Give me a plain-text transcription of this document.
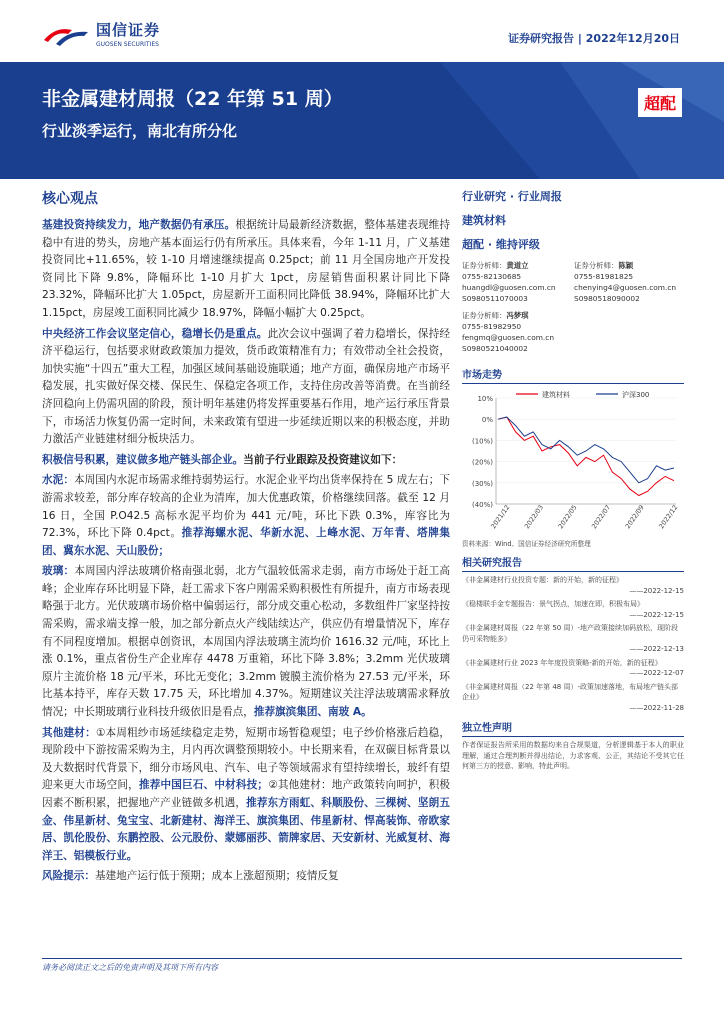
国信证券
GUOSEN SECURITIES	证券研究报告 | 2022年12月20日
非金属建材周报（22 年第 51 周）
行业淡季运行，南北有所分化
超配
核心观点

基建投资持续发力，地产数据仍有承压。根据统计局最新经济数据，整体基建表现维持稳中有进的势头，房地产基本面运行仍有所承压。具体来看，今年 1-11 月，广义基建投资同比+11.65%，较 1-10 月增速继续提高 0.25pct；前 11 月全国房地产开发投资同比下降 9.8%，降幅环比 1-10 月扩大 1pct，房屋销售面积累计同比下降 23.32%，降幅环比扩大 1.05pct，房屋新开工面积同比降低 38.94%，降幅环比扩大 1.15pct，房屋竣工面积同比减少 18.97%，降幅小幅扩大 0.25pct。

中央经济工作会议坚定信心，稳增长仍是重点。此次会议中强调了着力稳增长，保持经济平稳运行，包括要求财政政策加力提效，货币政策精准有力；有效带动全社会投资，加快实施“十四五”重大工程，加强区域间基础设施联通；地产方面，确保房地产市场平稳发展，扎实做好保交楼、保民生、保稳定各项工作，支持住房改善等消费。在当前经济回稳向上仍需巩固的阶段，预计明年基建仍将发挥重要基石作用，地产运行承压背景下，市场活力恢复仍需一定时间，未来政策有望进一步延续近期以来的积极态度，并助力激活产业链建材细分板块活力。

积极信号积累，建议做多地产链头部企业。当前子行业跟踪及投资建议如下：

水泥：本周国内水泥市场需求维持弱势运行。水泥企业平均出货率保持在 5 成左右；下游需求较差，部分库存较高的企业为清库，加大优惠政策，价格继续回落。截至 12 月 16 日，全国 P.O42.5 高标水泥平均价为 441 元/吨，环比下跌 0.3%，库容比为 72.3%，环比下降 0.4pct。推荐海螺水泥、华新水泥、上峰水泥、万年青、塔牌集团、冀东水泥、天山股份；

玻璃：本周国内浮法玻璃价格南强北弱，北方气温较低需求走弱，南方市场处于赶工高峰；企业库存环比明显下降，赶工需求下客户刚需采购积极性有所提升，南方市场表现略强于北方。光伏玻璃市场价格中偏弱运行，部分成交重心松动，多数组件厂家坚持按需采购，需求端支撑一般，加之部分新点火产线陆续达产，供应仍有增量情况下，库存有不同程度增加。根据卓创资讯，本周国内浮法玻璃主流均价 1616.32 元/吨，环比上涨 0.1%，重点省份生产企业库存 4478 万重箱，环比下降 3.8%；3.2mm 光伏玻璃原片主流价格 18 元/平米，环比无变化；3.2mm 镀膜主流价格为 27.53 元/平米，环比基本持平，库存天数 17.75 天，环比增加 4.37%。短期建议关注浮法玻璃需求释放情况；中长期玻璃行业科技升级依旧是看点，推荐旗滨集团、南玻 A。

其他建材：①本周粗纱市场延续稳定走势，短期市场暂稳观望；电子纱价格涨后趋稳，现阶段中下游按需采购为主，月内再次调整预期较小。中长期来看，在双碳目标背景以及大数据时代背景下，细分市场风电、汽车、电子等领域需求有望持续增长，玻纤有望迎来更大市场空间，推荐中国巨石、中材科技；②其他建材：地产政策转向呵护，积极因素不断积累，把握地产产业链做多机遇，推荐东方雨虹、科顺股份、三棵树、坚朗五金、伟星新材、兔宝宝、北新建材、海洋王、旗滨集团、伟星新材、悍高装饰、帝欧家居、凯伦股份、东鹏控股、公元股份、蒙娜丽莎、箭牌家居、天安新材、光威复材、海洋王、铝模板行业。

风险提示：基建地产运行低于预期；成本上涨超预期；疫情反复

行业研究 · 行业周报
建筑材料
超配 · 维持评级
证券分析师：黄道立
0755-82130685
huangdl@guosen.com.cn
S0980511070003
证券分析师：陈颖
0755-81981825
chenying4@guosen.com.cn
S0980518090002
证券分析师：冯梦琪
0755-81982950
fengmq@guosen.com.cn
S0980521040002
市场走势
10%
0%
(10%)
(20%)
(30%)
(40%)
2021/12 2022/03 2022/05 2022/07 2022/09 2022/12
建筑材料	沪深300
资料来源：Wind、国信证券经济研究所整理
相关研究报告
《非金属建材行业投资专题：新的开始，新的征程》
——2022-12-15
《稳楼联手金专题报告：景气拐点，加速在即，积极布局》
——2022-12-15
《非金属建材周报（22 年第 50 周）-地产政策接续加码放松，现阶段仍可采物能多》
——2022-12-13
《非金属建材行业 2023 年年度投资策略-新的开始，新的征程》
——2022-12-07
《非金属建材周报（22 年第 48 周）-政策加速落地，布局地产链头部企业》
——2022-11-28
独立性声明
作者保证报告所采用的数据均来自合规渠道，分析逻辑基于本人的职业理解，通过合理判断并得出结论，力求客观、公正，其结论不受其它任何第三方的授意、影响，特此声明。
请务必阅读正文之后的免责声明及其项下所有内容
